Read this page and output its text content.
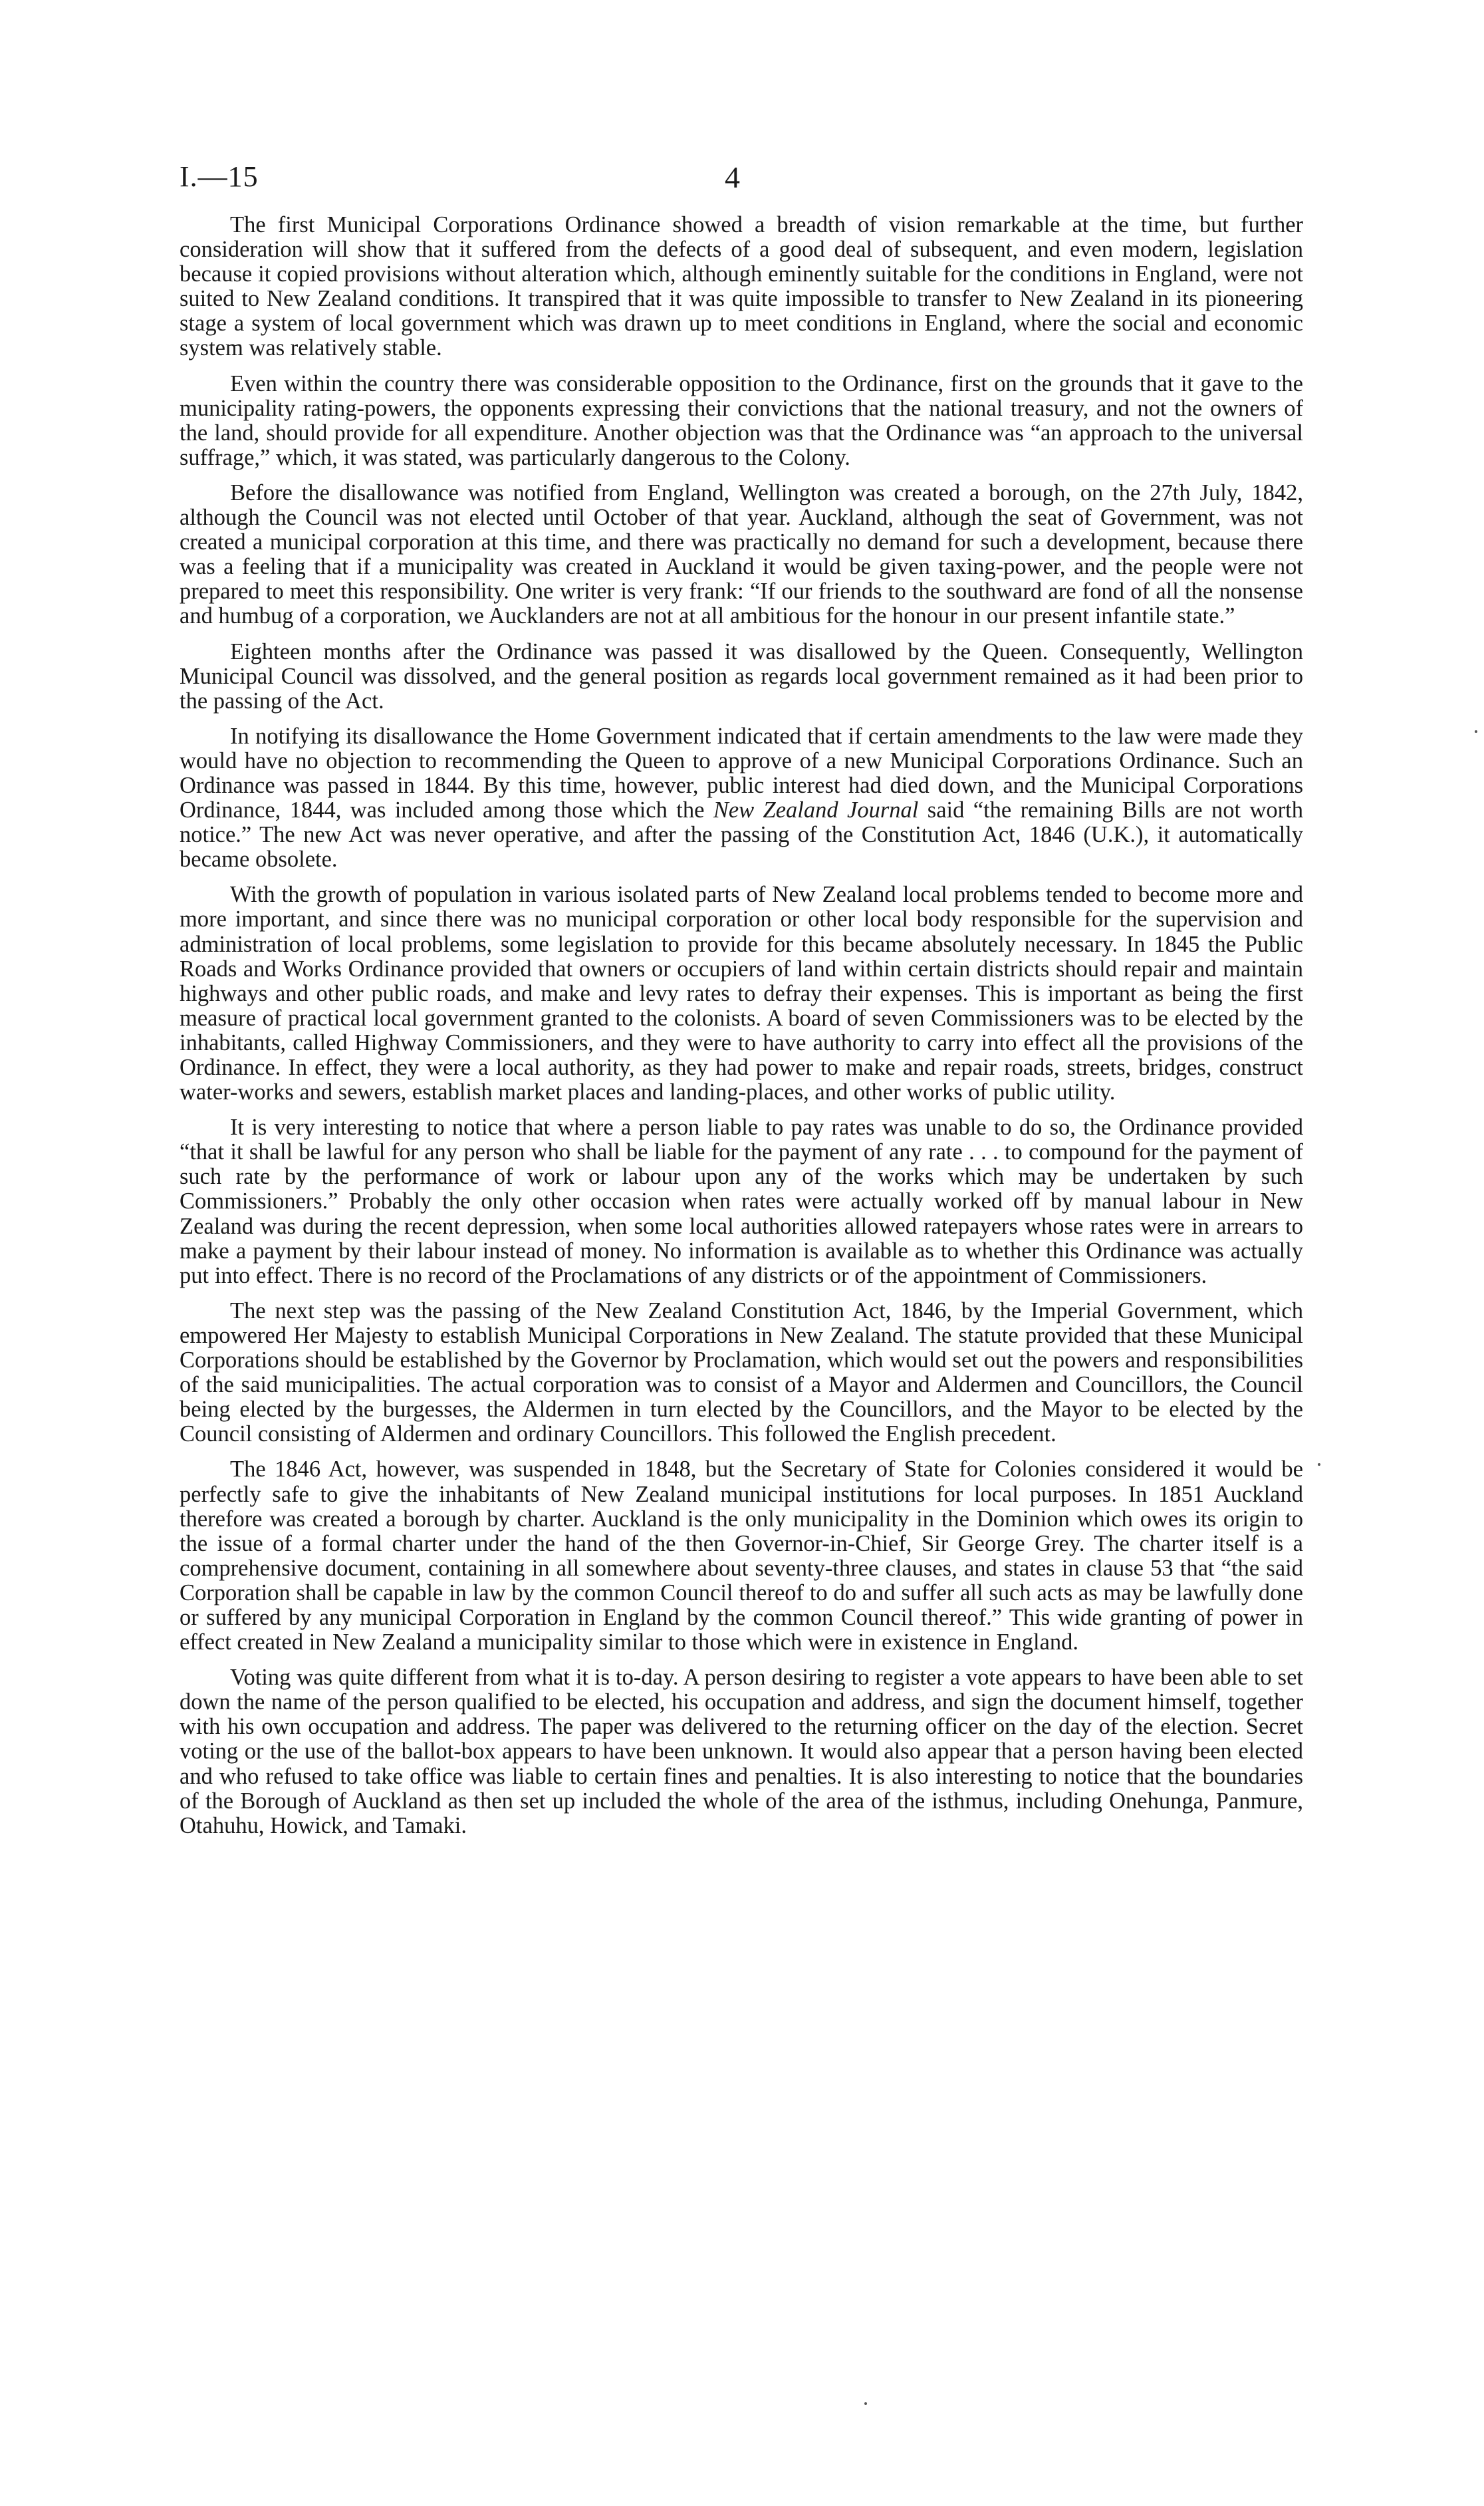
I.—15	4

The first Municipal Corporations Ordinance showed a breadth of vision remarkable at the time, but further consideration will show that it suffered from the defects of a good deal of subsequent, and even modern, legislation because it copied provisions without alteration which, although eminently suitable for the conditions in England, were not suited to New Zealand conditions. It transpired that it was quite impossible to transfer to New Zealand in its pioneering stage a system of local government which was drawn up to meet conditions in England, where the social and economic system was relatively stable.

Even within the country there was considerable opposition to the Ordinance, first on the grounds that it gave to the municipality rating-powers, the opponents expressing their convictions that the national treasury, and not the owners of the land, should provide for all expenditure. Another objection was that the Ordinance was “an approach to the universal suffrage,” which, it was stated, was particularly dangerous to the Colony.

Before the disallowance was notified from England, Wellington was created a borough, on the 27th July, 1842, although the Council was not elected until October of that year. Auckland, although the seat of Government, was not created a municipal corporation at this time, and there was practically no demand for such a development, because there was a feeling that if a municipality was created in Auckland it would be given taxing-power, and the people were not prepared to meet this responsibility. One writer is very frank: “If our friends to the southward are fond of all the nonsense and humbug of a corporation, we Aucklanders are not at all ambitious for the honour in our present infantile state.”

Eighteen months after the Ordinance was passed it was disallowed by the Queen. Consequently, Wellington Municipal Council was dissolved, and the general position as regards local government remained as it had been prior to the passing of the Act.

In notifying its disallowance the Home Government indicated that if certain amendments to the law were made they would have no objection to recommending the Queen to approve of a new Municipal Corporations Ordinance. Such an Ordinance was passed in 1844. By this time, however, public interest had died down, and the Municipal Corporations Ordinance, 1844, was included among those which the New Zealand Journal said “the remaining Bills are not worth notice.” The new Act was never operative, and after the passing of the Constitution Act, 1846 (U.K.), it automatically became obsolete.

With the growth of population in various isolated parts of New Zealand local problems tended to become more and more important, and since there was no municipal corporation or other local body responsible for the supervision and administration of local problems, some legislation to provide for this became absolutely necessary. In 1845 the Public Roads and Works Ordinance provided that owners or occupiers of land within certain districts should repair and maintain highways and other public roads, and make and levy rates to defray their expenses. This is important as being the first measure of practical local government granted to the colonists. A board of seven Commissioners was to be elected by the inhabitants, called Highway Commissioners, and they were to have authority to carry into effect all the provisions of the Ordinance. In effect, they were a local authority, as they had power to make and repair roads, streets, bridges, construct water-works and sewers, establish market places and landing-places, and other works of public utility.

It is very interesting to notice that where a person liable to pay rates was unable to do so, the Ordinance provided “that it shall be lawful for any person who shall be liable for the payment of any rate . . . to compound for the payment of such rate by the performance of work or labour upon any of the works which may be undertaken by such Commissioners.” Probably the only other occasion when rates were actually worked off by manual labour in New Zealand was during the recent depression, when some local authorities allowed ratepayers whose rates were in arrears to make a payment by their labour instead of money. No information is available as to whether this Ordinance was actually put into effect. There is no record of the Proclamations of any districts or of the appointment of Commissioners.

The next step was the passing of the New Zealand Constitution Act, 1846, by the Imperial Government, which empowered Her Majesty to establish Municipal Corporations in New Zealand. The statute provided that these Municipal Corporations should be established by the Governor by Proclamation, which would set out the powers and responsibilities of the said municipalities. The actual corporation was to consist of a Mayor and Aldermen and Councillors, the Council being elected by the burgesses, the Aldermen in turn elected by the Councillors, and the Mayor to be elected by the Council consisting of Aldermen and ordinary Councillors. This followed the English precedent.

The 1846 Act, however, was suspended in 1848, but the Secretary of State for Colonies considered it would be perfectly safe to give the inhabitants of New Zealand municipal institutions for local purposes. In 1851 Auckland therefore was created a borough by charter. Auckland is the only municipality in the Dominion which owes its origin to the issue of a formal charter under the hand of the then Governor-in-Chief, Sir George Grey. The charter itself is a comprehensive document, containing in all somewhere about seventy-three clauses, and states in clause 53 that “the said Corporation shall be capable in law by the common Council thereof to do and suffer all such acts as may be lawfully done or suffered by any municipal Corporation in England by the common Council thereof.” This wide granting of power in effect created in New Zealand a municipality similar to those which were in existence in England.

Voting was quite different from what it is to-day. A person desiring to register a vote appears to have been able to set down the name of the person qualified to be elected, his occupation and address, and sign the document himself, together with his own occupation and address. The paper was delivered to the returning officer on the day of the election. Secret voting or the use of the ballot-box appears to have been unknown. It would also appear that a person having been elected and who refused to take office was liable to certain fines and penalties. It is also interesting to notice that the boundaries of the Borough of Auckland as then set up included the whole of the area of the isthmus, including Onehunga, Panmure, Otahuhu, Howick, and Tamaki.
